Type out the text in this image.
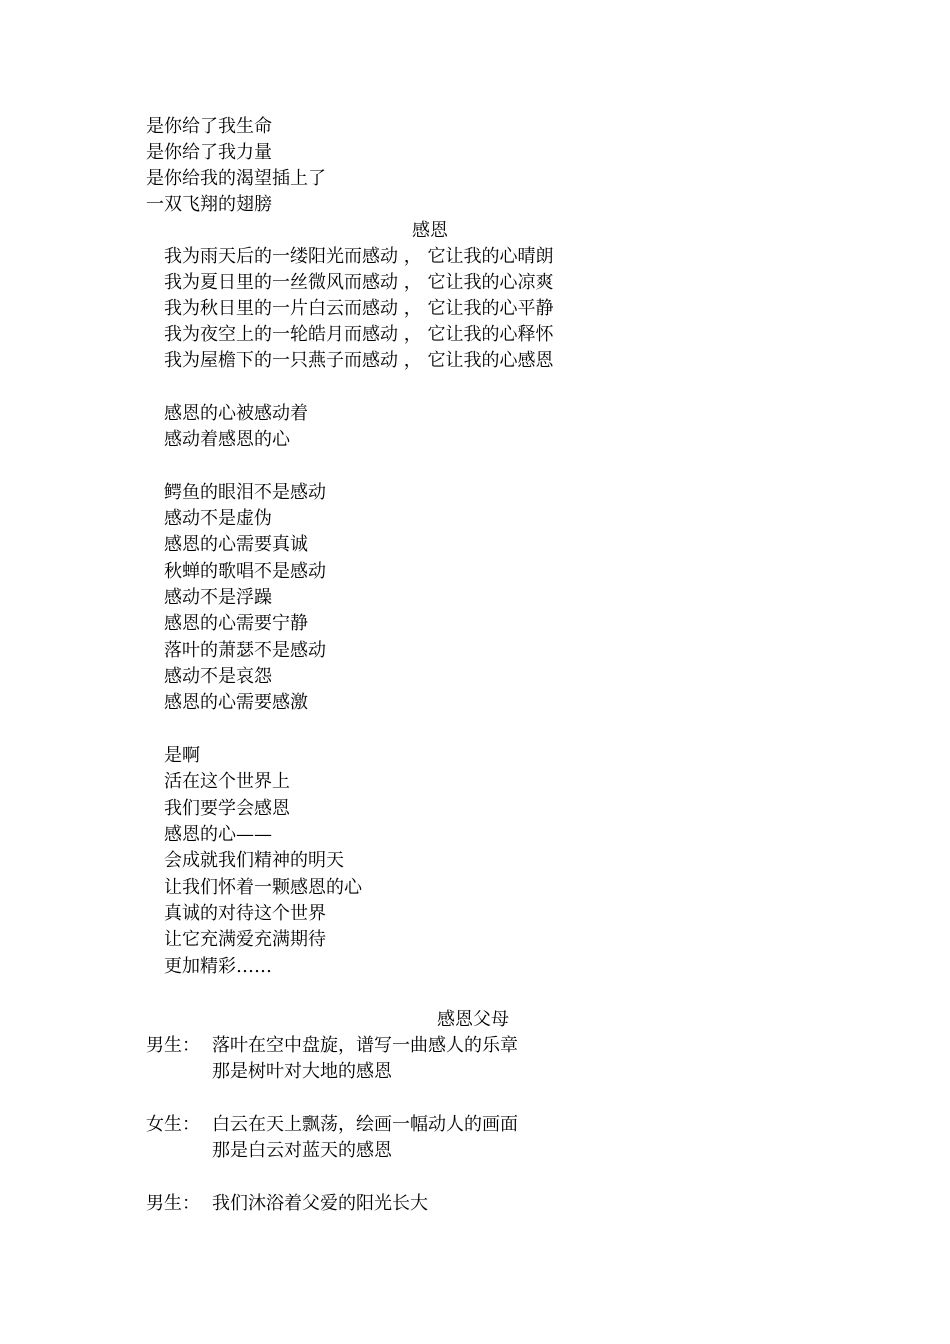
是你给了我生命

是你给了我力量

是你给我的渴望插上了

一双飞翔的翅膀

感恩

我为雨天后的一缕阳光而感动 ， 它让我的心晴朗

我为夏日里的一丝微风而感动 ， 它让我的心凉爽

我为秋日里的一片白云而感动 ， 它让我的心平静

我为夜空上的一轮皓月而感动 ， 它让我的心释怀

我为屋檐下的一只燕子而感动 ， 它让我的心感恩

感恩的心被感动着

感动着感恩的心

鳄鱼的眼泪不是感动

感动不是虚伪

感恩的心需要真诚

秋蝉的歌唱不是感动

感动不是浮躁

感恩的心需要宁静

落叶的萧瑟不是感动

感动不是哀怨

感恩的心需要感激

是啊

活在这个世界上

我们要学会感恩

感恩的心——

会成就我们精神的明天

让我们怀着一颗感恩的心

真诚的对待这个世界

让它充满爱充满期待

更加精彩……

感恩父母

男生： 落叶在空中盘旋，谱写一曲感人的乐章

那是树叶对大地的感恩

女生： 白云在天上飘荡，绘画一幅动人的画面

那是白云对蓝天的感恩

男生： 我们沐浴着父爱的阳光长大
